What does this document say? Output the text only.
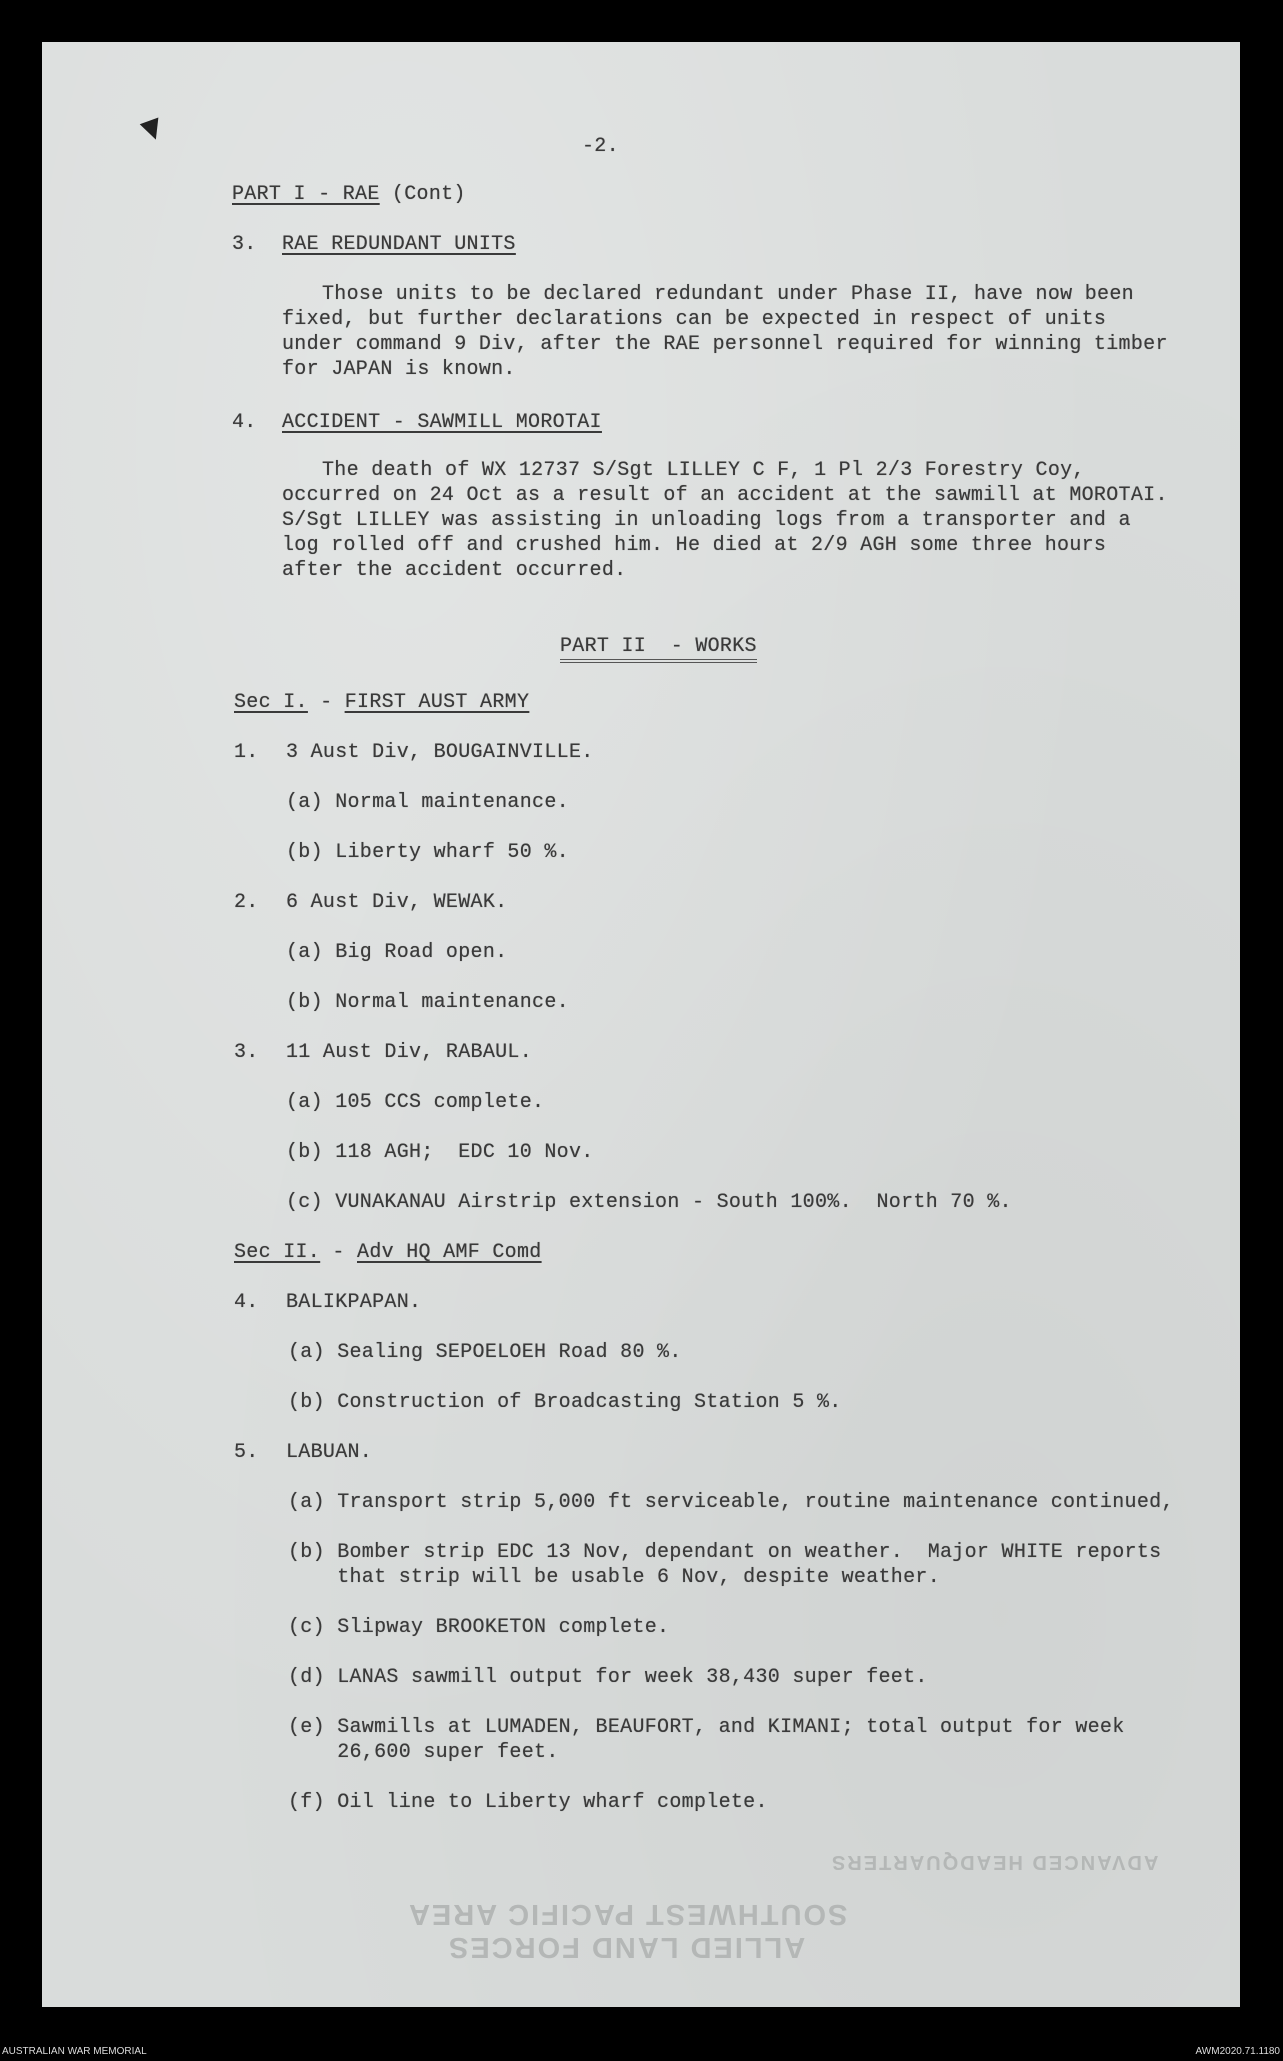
▼	-2.
PART I - RAE (Cont)
3. RAE REDUNDANT UNITS
Those units to be declared redundant under Phase II, have now been
fixed, but further declarations can be expected in respect of units
under command 9 Div, after the RAE personnel required for winning timber
for JAPAN is known.
4. ACCIDENT - SAWMILL MOROTAI
The death of WX 12737 S/Sgt LILLEY C F, 1 Pl 2/3 Forestry Coy,
occurred on 24 Oct as a result of an accident at the sawmill at MOROTAI.
S/Sgt LILLEY was assisting in unloading logs from a transporter and a
log rolled off and crushed him. He died at 2/9 AGH some three hours
after the accident occurred.
PART II  - WORKS
Sec I. - FIRST AUST ARMY
1. 3 Aust Div, BOUGAINVILLE.
(a) Normal maintenance.
(b) Liberty wharf 50 %.
2. 6 Aust Div, WEWAK.
(a) Big Road open.
(b) Normal maintenance.
3. 11 Aust Div, RABAUL.
(a) 105 CCS complete.
(b) 118 AGH;  EDC 10 Nov.
(c) VUNAKANAU Airstrip extension - South 100%.  North 70 %.
Sec II. - Adv HQ AMF Comd
4. BALIKPAPAN.
(a) Sealing SEPOELOEH Road 80 %.
(b) Construction of Broadcasting Station 5 %.
5. LABUAN.
(a) Transport strip 5,000 ft serviceable, routine maintenance continued,
(b) Bomber strip EDC 13 Nov, dependant on weather.  Major WHITE reports
that strip will be usable 6 Nov, despite weather.
(c) Slipway BROOKETON complete.
(d) LANAS sawmill output for week 38,430 super feet.
(e) Sawmills at LUMADEN, BEAUFORT, and KIMANI; total output for week
26,600 super feet.
(f) Oil line to Liberty wharf complete.
ADVANCED HEADQUARTERS
SOUTHWEST PACIFIC AREA
ALLIED LAND FORCES
AUSTRALIAN WAR MEMORIAL	AWM2020.71.1180
